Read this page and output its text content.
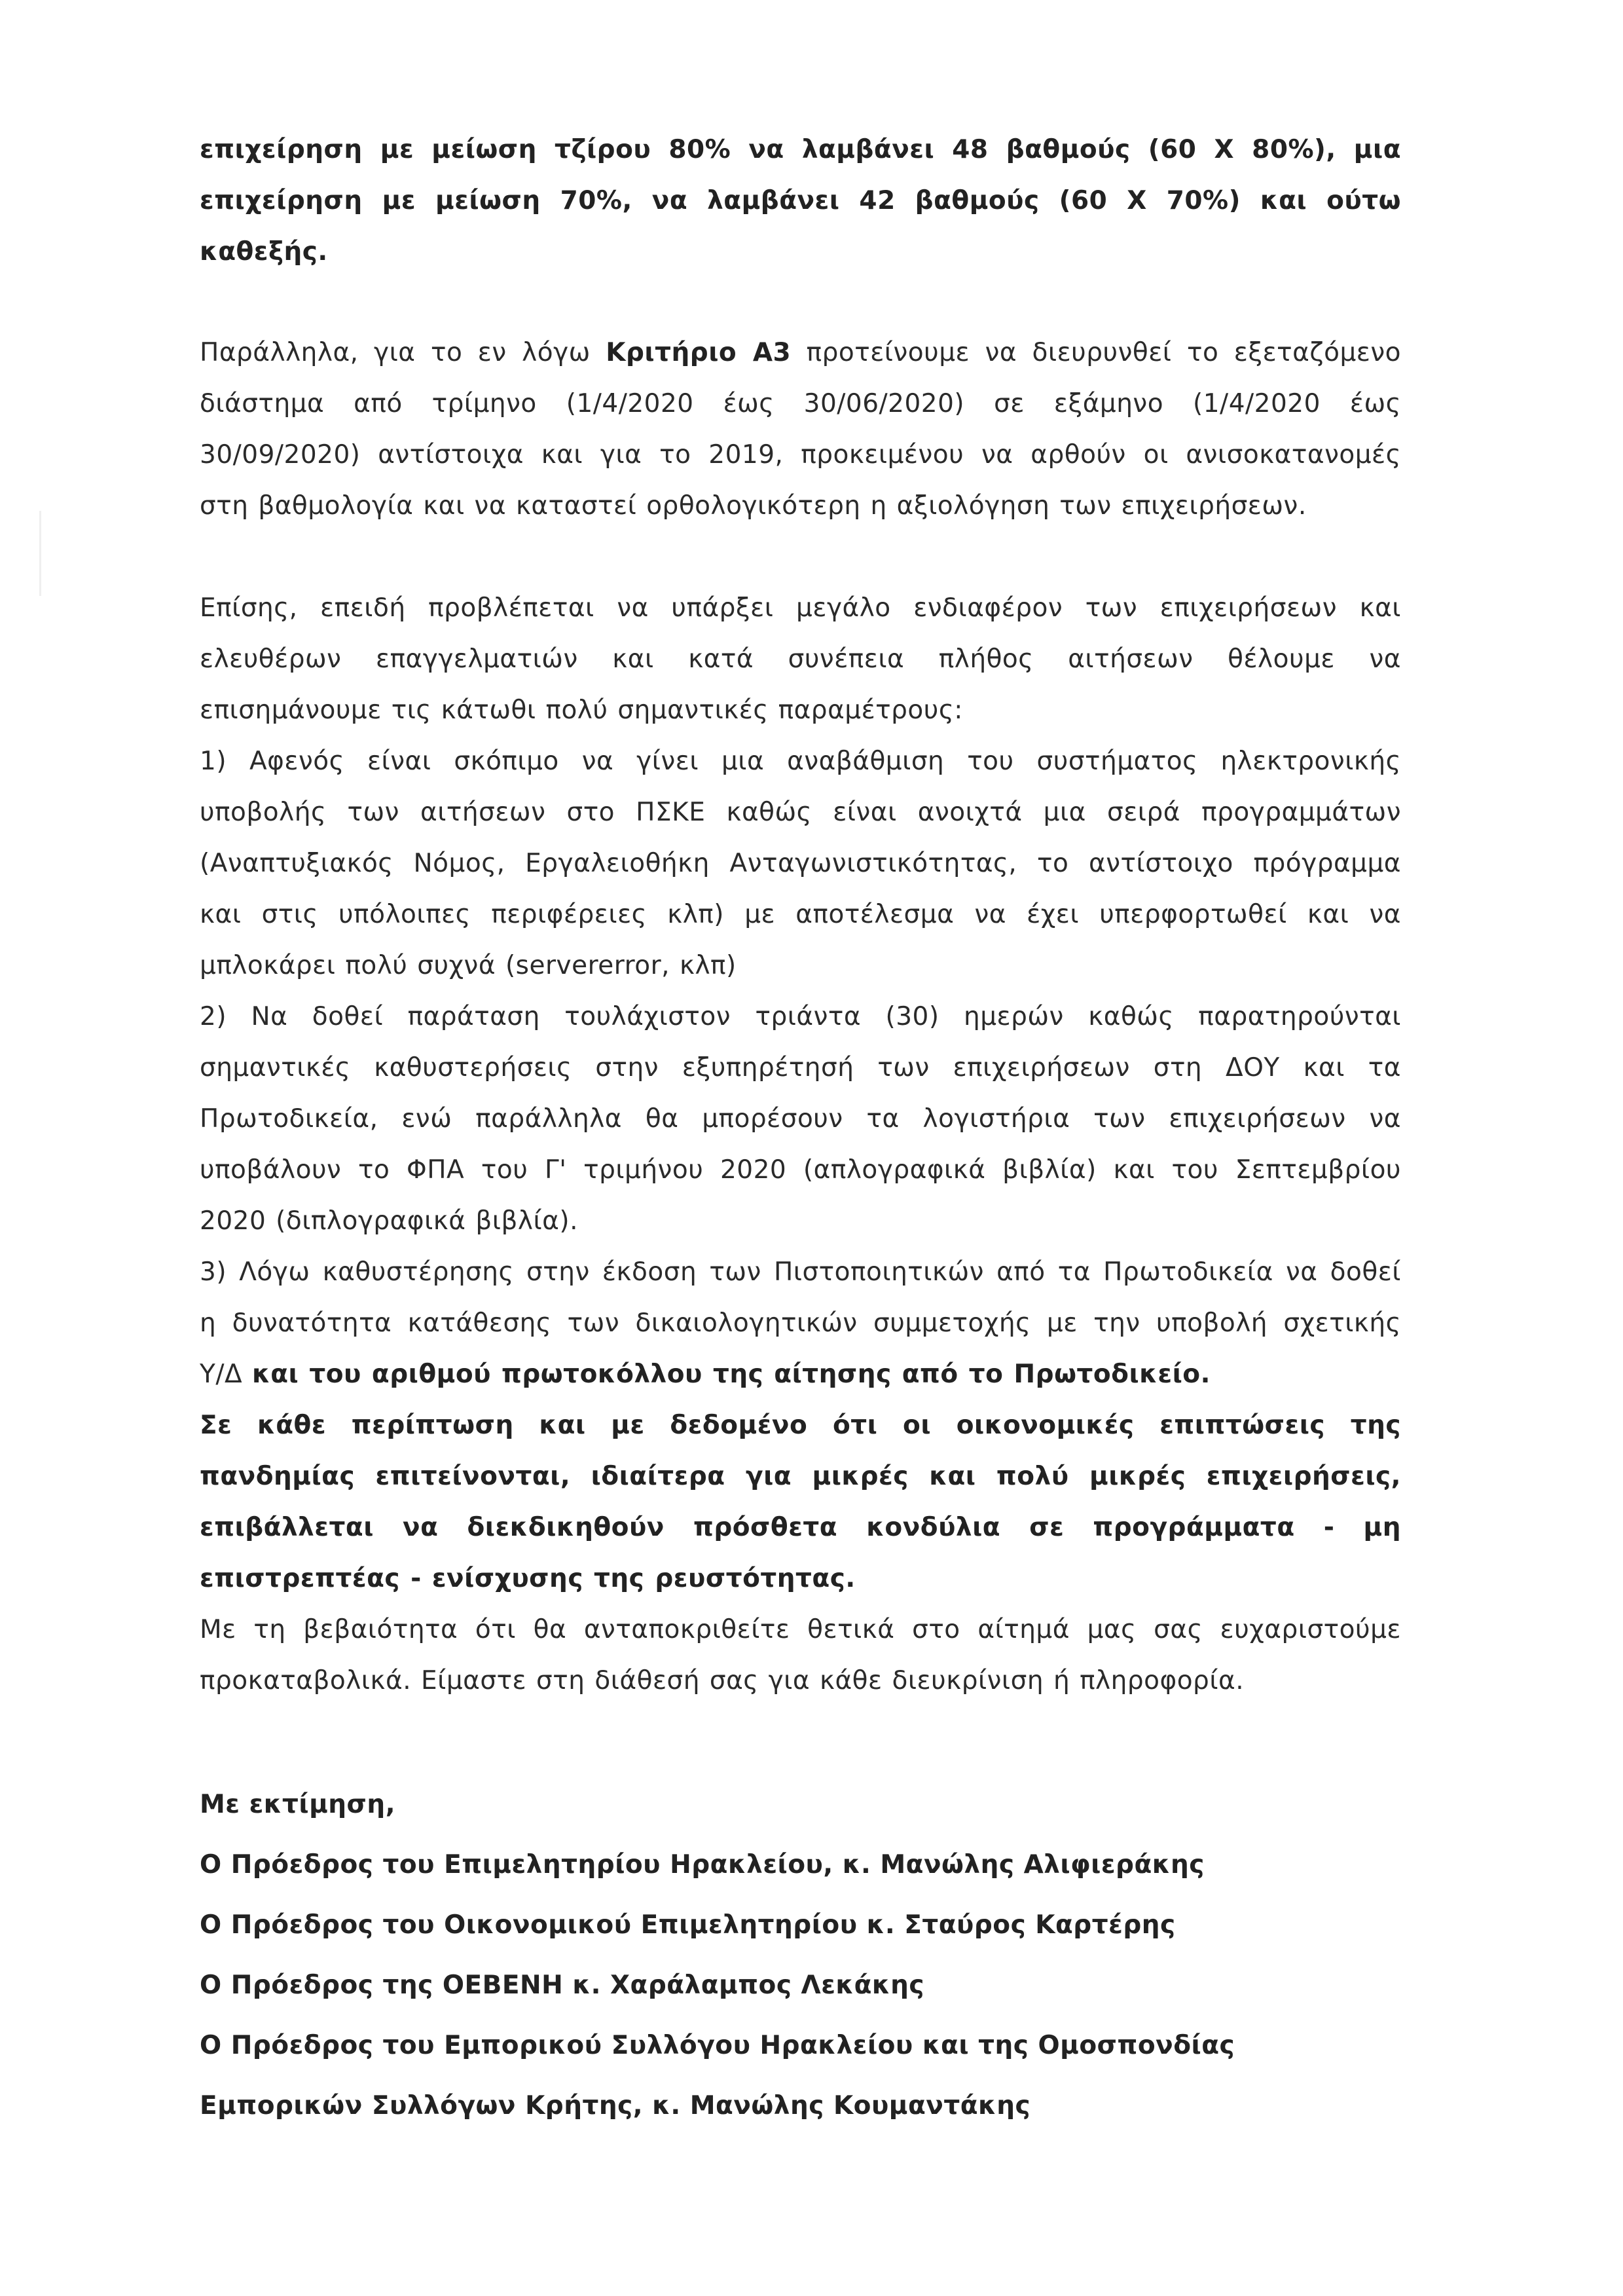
επιχείρηση με μείωση τζίρου 80% να λαμβάνει 48 βαθμούς (60 Χ 80%), μια
επιχείρηση με μείωση 70%, να λαμβάνει 42 βαθμούς (60 Χ 70%) και ούτω
καθεξής.
Παράλληλα, για το εν λόγω Κριτήριο Α3 προτείνουμε να διευρυνθεί το εξεταζόμενο
διάστημα από τρίμηνο (1/4/2020 έως 30/06/2020) σε εξάμηνο (1/4/2020 έως
30/09/2020) αντίστοιχα και για το 2019, προκειμένου να αρθούν οι ανισοκατανομές
στη βαθμολογία και να καταστεί ορθολογικότερη η αξιολόγηση των επιχειρήσεων.
Επίσης, επειδή προβλέπεται να υπάρξει μεγάλο ενδιαφέρον των επιχειρήσεων και
ελευθέρων επαγγελματιών και κατά συνέπεια πλήθος αιτήσεων θέλουμε να
επισημάνουμε τις κάτωθι πολύ σημαντικές παραμέτρους:
1) Αφενός είναι σκόπιμο να γίνει μια αναβάθμιση του συστήματος ηλεκτρονικής
υποβολής των αιτήσεων στο ΠΣΚΕ καθώς είναι ανοιχτά μια σειρά προγραμμάτων
(Αναπτυξιακός Νόμος, Εργαλειοθήκη Ανταγωνιστικότητας, το αντίστοιχο πρόγραμμα
και στις υπόλοιπες περιφέρειες κλπ) με αποτέλεσμα να έχει υπερφορτωθεί και να
μπλοκάρει πολύ συχνά (servererror, κλπ)
2) Να δοθεί παράταση τουλάχιστον τριάντα (30) ημερών καθώς παρατηρούνται
σημαντικές καθυστερήσεις στην εξυπηρέτησή των επιχειρήσεων στη ΔΟΥ και τα
Πρωτοδικεία, ενώ παράλληλα θα μπορέσουν τα λογιστήρια των επιχειρήσεων να
υποβάλουν το ΦΠΑ του Γ' τριμήνου 2020 (απλογραφικά βιβλία) και του Σεπτεμβρίου
2020 (διπλογραφικά βιβλία).
3) Λόγω καθυστέρησης στην έκδοση των Πιστοποιητικών από τα Πρωτοδικεία να δοθεί
η δυνατότητα κατάθεσης των δικαιολογητικών συμμετοχής με την υποβολή σχετικής
Υ/Δ και του αριθμού πρωτοκόλλου της αίτησης από το Πρωτοδικείο.
Σε κάθε περίπτωση και με δεδομένο ότι οι οικονομικές επιπτώσεις της
πανδημίας επιτείνονται, ιδιαίτερα για μικρές και πολύ μικρές επιχειρήσεις,
επιβάλλεται να διεκδικηθούν πρόσθετα κονδύλια σε προγράμματα - μη
επιστρεπτέας - ενίσχυσης της ρευστότητας.
Με τη βεβαιότητα ότι θα ανταποκριθείτε θετικά στο αίτημά μας σας ευχαριστούμε
προκαταβολικά. Είμαστε στη διάθεσή σας για κάθε διευκρίνιση ή πληροφορία.
Με εκτίμηση,
Ο Πρόεδρος του Επιμελητηρίου Ηρακλείου, κ. Μανώλης Αλιφιεράκης
Ο Πρόεδρος του Οικονομικού Επιμελητηρίου κ. Σταύρος Καρτέρης
Ο Πρόεδρος της ΟΕΒΕΝΗ κ. Χαράλαμπος Λεκάκης
Ο Πρόεδρος του Εμπορικού Συλλόγου Ηρακλείου και της Ομοσπονδίας
Εμπορικών Συλλόγων Κρήτης, κ. Μανώλης Κουμαντάκης
